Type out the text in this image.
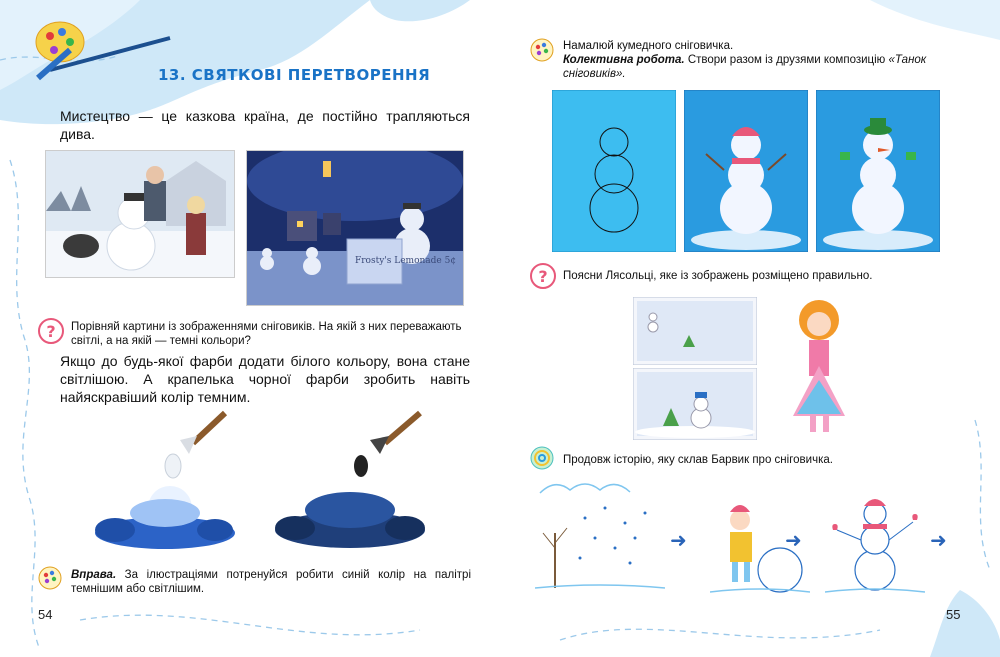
13. СВЯТКОВІ ПЕРЕТВОРЕННЯ
Мистецтво — це казкова країна, де постійно трапляються дива.
Frosty's Lemonade 5¢
?	Порівняй картини із зображеннями сніговиків. На якій з них переважають світлі, а на якій — темні кольори?
Якщо до будь-якої фарби додати білого кольору, вона стане світлішою. А крапелька чорної фарби зробить навіть найяскравіший колір темним.
Вправа. За ілюстраціями потренуйся робити синій колір на палітрі темнішим або світлішим.
54
Намалюй кумедного сніговичка.
Колективна робота. Створи разом із друзями композицію «Танок сніговиків».
?	Поясни Лясольці, яке із зображень розміщено правильно.
Продовж історію, яку склав Барвик про сніговичка.
➜	➜	➜
55
